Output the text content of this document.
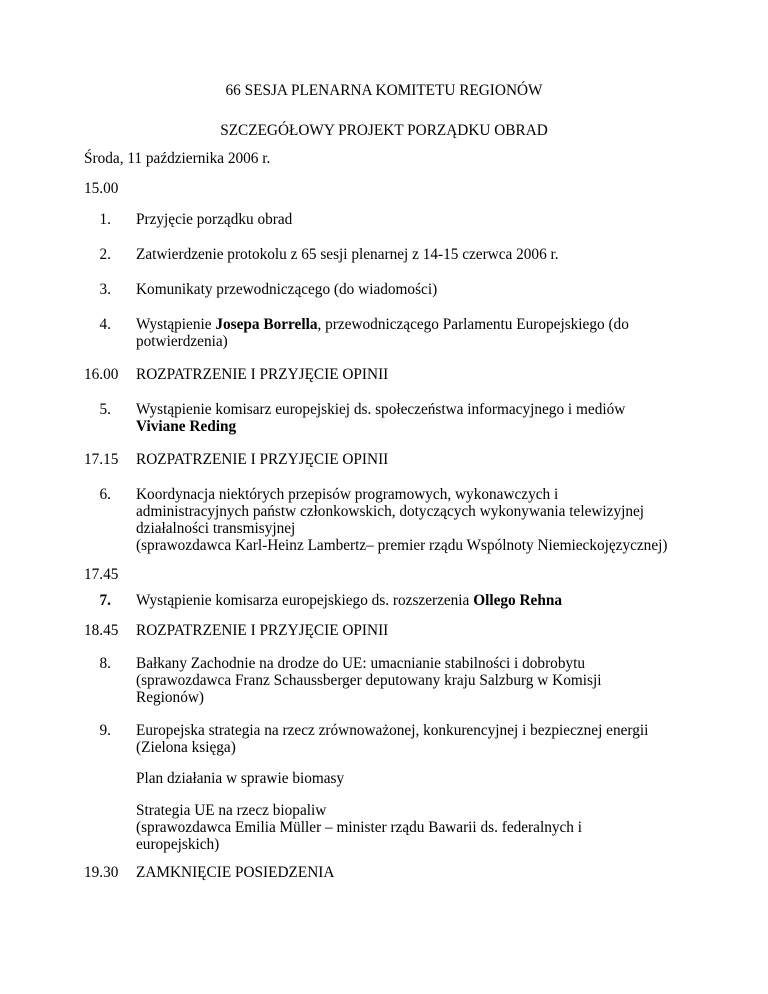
66 SESJA PLENARNA KOMITETU REGIONÓW
SZCZEGÓŁOWY PROJEKT PORZĄDKU OBRAD
Środa, 11 października 2006 r.
15.00
1. Przyjęcie porządku obrad
2. Zatwierdzenie protokolu z 65 sesji plenarnej z 14-15 czerwca 2006 r.
3. Komunikaty przewodniczącego (do wiadomości)
4. Wystąpienie Josepa Borrella, przewodniczącego Parlamentu Europejskiego (do
potwierdzenia)
16.00 ROZPATRZENIE I PRZYJĘCIE OPINII
5. Wystąpienie komisarz europejskiej ds. społeczeństwa informacyjnego i mediów
Viviane Reding
17.15 ROZPATRZENIE I PRZYJĘCIE OPINII
6. Koordynacja niektórych przepisów programowych, wykonawczych i
administracyjnych państw członkowskich, dotyczących wykonywania telewizyjnej
działalności transmisyjnej
(sprawozdawca Karl-Heinz Lambertz– premier rządu Wspólnoty Niemieckojęzycznej)
17.45
7. Wystąpienie komisarza europejskiego ds. rozszerzenia Ollego Rehna
18.45 ROZPATRZENIE I PRZYJĘCIE OPINII
8. Bałkany Zachodnie na drodze do UE: umacnianie stabilności i dobrobytu
(sprawozdawca Franz Schaussberger deputowany kraju Salzburg w Komisji
Regionów)
9. Europejska strategia na rzecz zrównoważonej, konkurencyjnej i bezpiecznej energii
(Zielona księga)
Plan działania w sprawie biomasy
Strategia UE na rzecz biopaliw
(sprawozdawca Emilia Müller – minister rządu Bawarii ds. federalnych i
europejskich)
19.30 ZAMKNIĘCIE POSIEDZENIA
